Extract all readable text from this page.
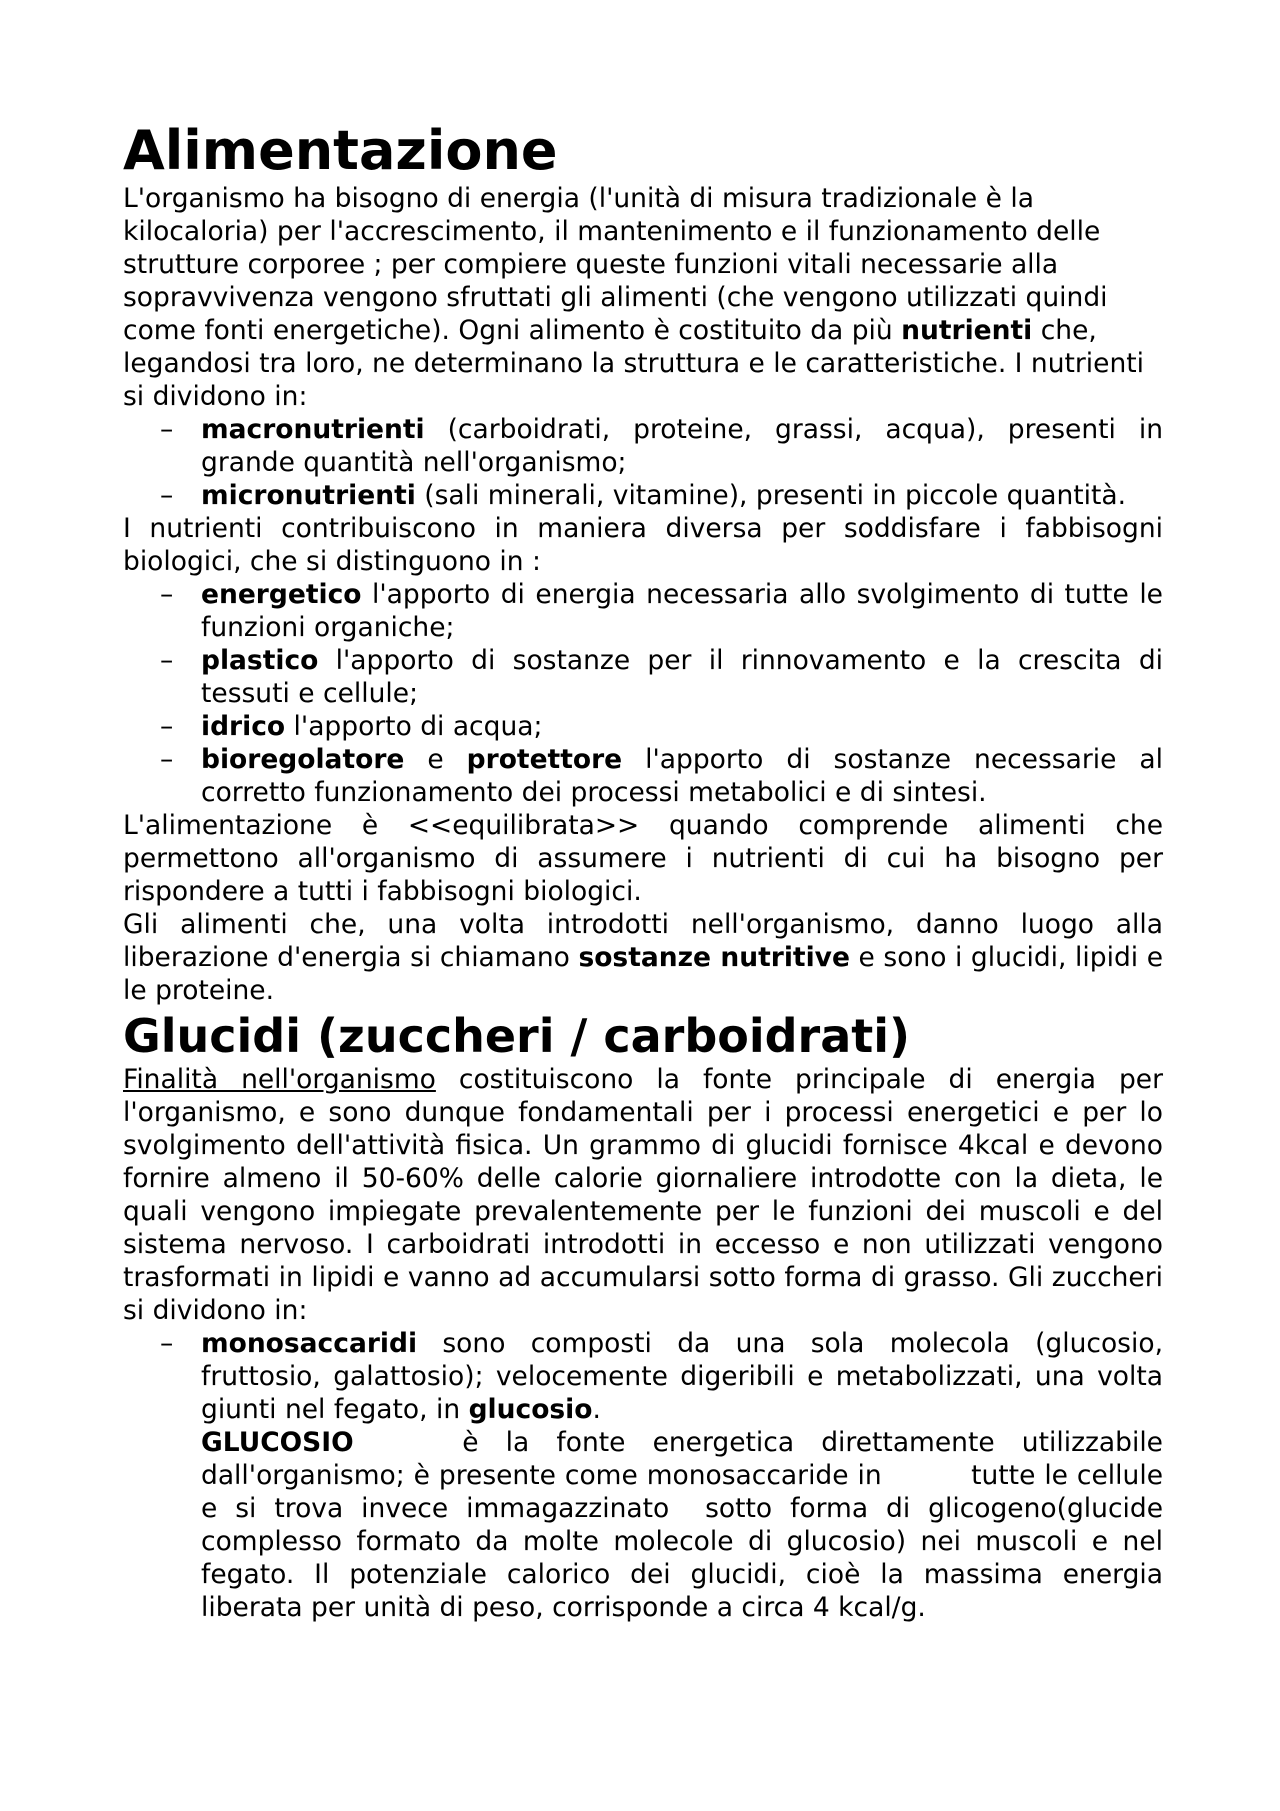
Alimentazione

L'organismo ha bisogno di energia (l'unità di misura tradizionale è la kilocaloria) per l'accrescimento, il mantenimento e il funzionamento delle strutture corporee ; per compiere queste funzioni vitali necessarie alla sopravvivenza vengono sfruttati gli alimenti (che vengono utilizzati quindi come fonti energetiche). Ogni alimento è costituito da più nutrienti che, legandosi tra loro, ne determinano la struttura e le caratteristiche. I nutrienti si dividono in:

– macronutrienti (carboidrati, proteine, grassi, acqua), presenti in grande quantità nell'organismo;
– micronutrienti (sali minerali, vitamine), presenti in piccole quantità.

I nutrienti contribuiscono in maniera diversa per soddisfare i fabbisogni biologici, che si distinguono in :

– energetico l'apporto di energia necessaria allo svolgimento di tutte le funzioni organiche;
– plastico l'apporto di sostanze per il rinnovamento e la crescita di tessuti e cellule;
– idrico l'apporto di acqua;
– bioregolatore e protettore l'apporto di sostanze necessarie al corretto funzionamento dei processi metabolici e di sintesi.

L'alimentazione è <<equilibrata>> quando comprende alimenti che permettono all'organismo di assumere i nutrienti di cui ha bisogno per rispondere a tutti i fabbisogni biologici.

Gli alimenti che, una volta introdotti nell'organismo, danno luogo alla liberazione d'energia si chiamano sostanze nutritive e sono i glucidi, lipidi e le proteine.

Glucidi (zuccheri / carboidrati)

Finalità nell'organismo costituiscono la fonte principale di energia per l'organismo, e sono dunque fondamentali per i processi energetici e per lo svolgimento dell'attività fisica. Un grammo di glucidi fornisce 4kcal e devono fornire almeno il 50-60% delle calorie giornaliere introdotte con la dieta, le quali vengono impiegate prevalentemente per le funzioni dei muscoli e del sistema nervoso. I carboidrati introdotti in eccesso e non utilizzati vengono trasformati in lipidi e vanno ad accumularsi sotto forma di grasso. Gli zuccheri si dividono in:

– monosaccaridi sono composti da una sola molecola (glucosio, fruttosio, galattosio); velocemente digeribili e metabolizzati, una volta giunti nel fegato, in glucosio.

GLUCOSIO    è la fonte energetica direttamente utilizzabile dall'organismo; è presente come monosaccaride in          tutte le cellule e si trova invece immagazzinato  sotto forma di glicogeno(glucide complesso formato da molte molecole di glucosio) nei muscoli e nel fegato. Il potenziale calorico dei glucidi, cioè la massima energia liberata per unità di peso, corrisponde a circa 4 kcal/g.
